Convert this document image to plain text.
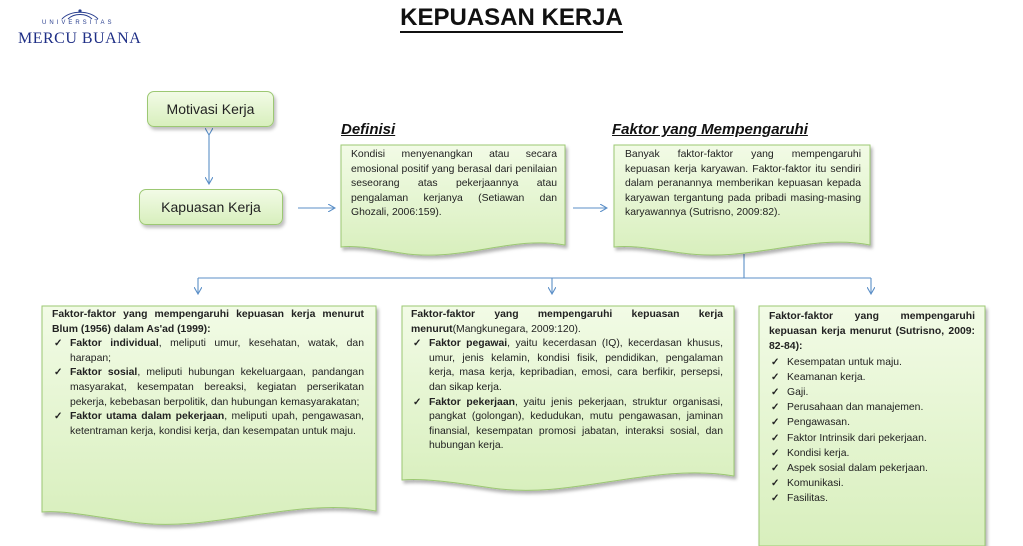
UNIVERSITAS
MERCU BUANA
KEPUASAN KERJA
Motivasi Kerja
Kapuasan Kerja
Definisi	Faktor yang Mempengaruhi
Kondisi menyenangkan atau secara emosional positif yang berasal dari penilaian seseorang atas pekerjaannya atau pengalaman kerjanya (Setiawan dan Ghozali, 2006:159).
Banyak faktor-faktor yang mempengaruhi kepuasan kerja karyawan. Faktor-faktor itu sendiri dalam peranannya memberikan kepuasan kepada karyawan tergantung pada pribadi masing-masing karyawannya (Sutrisno, 2009:82).
Faktor-faktor yang mempengaruhi kepuasan kerja menurut Blum (1956) dalam As'ad (1999):
✓ Faktor individual, meliputi umur, kesehatan, watak, dan harapan;
✓ Faktor sosial, meliputi hubungan kekeluargaan, pandangan masyarakat, kesempatan bereaksi, kegiatan perserikatan pekerja, kebebasan berpolitik, dan hubungan kemasyarakatan;
✓ Faktor utama dalam pekerjaan, meliputi upah, pengawasan, ketentraman kerja, kondisi kerja, dan kesempatan untuk maju.
Faktor-faktor yang mempengaruhi kepuasan kerja menurut(Mangkunegara, 2009:120).
✓ Faktor pegawai, yaitu kecerdasan (IQ), kecerdasan khusus, umur, jenis kelamin, kondisi fisik, pendidikan, pengalaman kerja, masa kerja, kepribadian, emosi, cara berfikir, persepsi, dan sikap kerja.
✓ Faktor pekerjaan, yaitu jenis pekerjaan, struktur organisasi, pangkat (golongan), kedudukan, mutu pengawasan, jaminan finansial, kesempatan promosi jabatan, interaksi sosial, dan hubungan kerja.
Faktor-faktor yang mempengaruhi kepuasan kerja menurut (Sutrisno, 2009: 82-84):
✓ Kesempatan untuk maju.
✓ Keamanan kerja.
✓ Gaji.
✓ Perusahaan dan manajemen.
✓ Pengawasan.
✓ Faktor Intrinsik dari pekerjaan.
✓ Kondisi kerja.
✓ Aspek sosial dalam pekerjaan.
✓ Komunikasi.
✓ Fasilitas.
